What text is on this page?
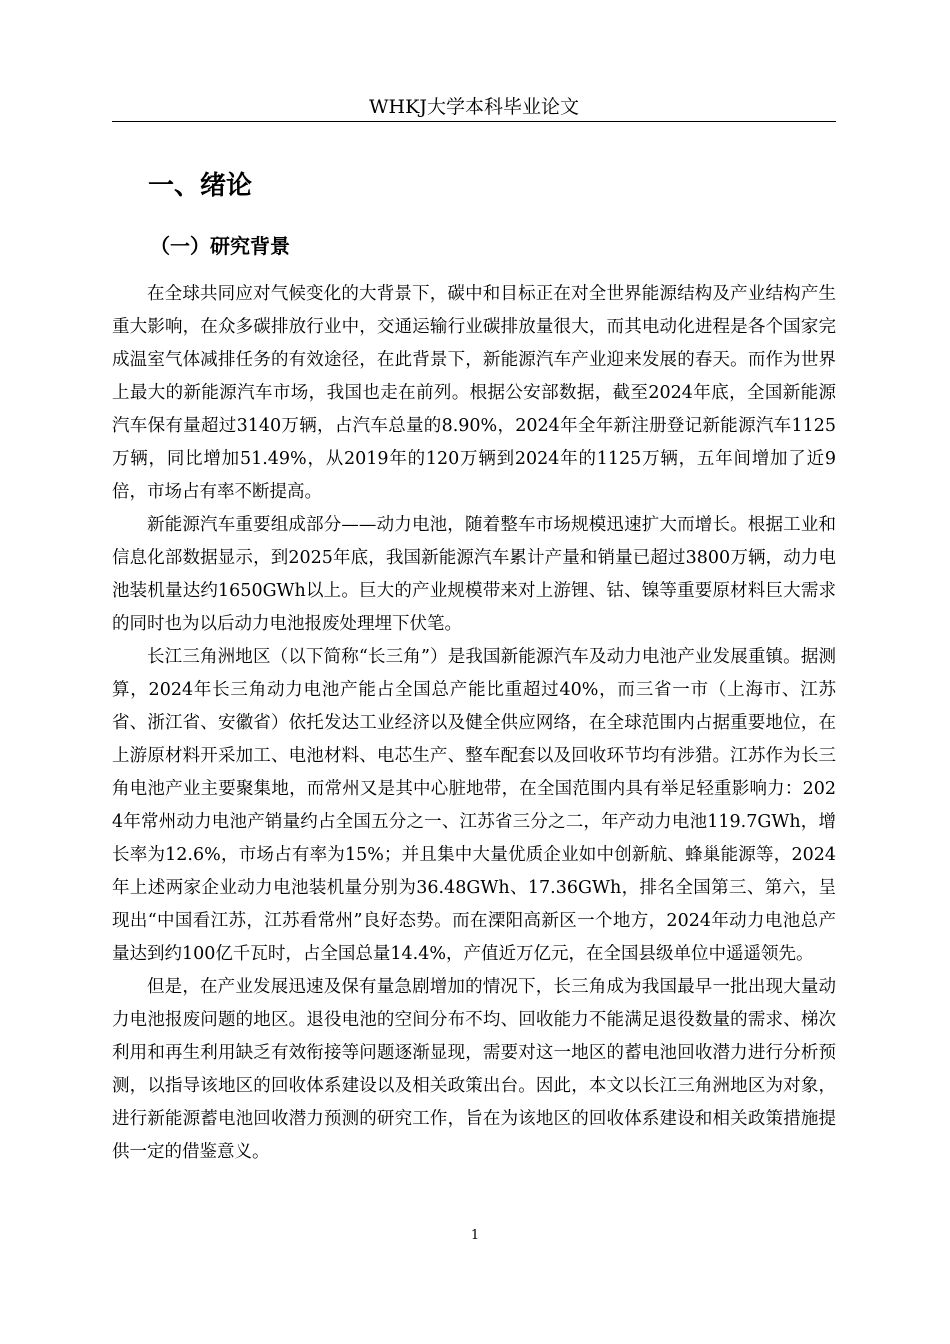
WHKJ大学本科毕业论文
一、绪论
（一）研究背景

在全球共同应对气候变化的大背景下，碳中和目标正在对全世界能源结构及产业结构产生重大影响，在众多碳排放行业中，交通运输行业碳排放量很大，而其电动化进程是各个国家完成温室气体减排任务的有效途径，在此背景下，新能源汽车产业迎来发展的春天。而作为世界上最大的新能源汽车市场，我国也走在前列。根据公安部数据，截至2024年底，全国新能源汽车保有量超过3140万辆，占汽车总量的8.90%，2024年全年新注册登记新能源汽车1125万辆，同比增加51.49%，从2019年的120万辆到2024年的1125万辆，五年间增加了近9倍，市场占有率不断提高。

新能源汽车重要组成部分——动力电池，随着整车市场规模迅速扩大而增长。根据工业和信息化部数据显示，到2025年底，我国新能源汽车累计产量和销量已超过3800万辆，动力电池装机量达约1650GWh以上。巨大的产业规模带来对上游锂、钴、镍等重要原材料巨大需求的同时也为以后动力电池报废处理埋下伏笔。

长江三角洲地区（以下简称“长三角”）是我国新能源汽车及动力电池产业发展重镇。据测算，2024年长三角动力电池产能占全国总产能比重超过40%，而三省一市（上海市、江苏省、浙江省、安徽省）依托发达工业经济以及健全供应网络，在全球范围内占据重要地位，在上游原材料开采加工、电池材料、电芯生产、整车配套以及回收环节均有涉猎。江苏作为长三角电池产业主要聚集地，而常州又是其中心脏地带，在全国范围内具有举足轻重影响力：2024年常州动力电池产销量约占全国五分之一、江苏省三分之二，年产动力电池119.7GWh，增长率为12.6%，市场占有率为15%；并且集中大量优质企业如中创新航、蜂巢能源等，2024年上述两家企业动力电池装机量分别为36.48GWh、17.36GWh，排名全国第三、第六，呈现出“中国看江苏，江苏看常州”良好态势。而在溧阳高新区一个地方，2024年动力电池总产量达到约100亿千瓦时，占全国总量14.4%，产值近万亿元，在全国县级单位中遥遥领先。

但是，在产业发展迅速及保有量急剧增加的情况下，长三角成为我国最早一批出现大量动力电池报废问题的地区。退役电池的空间分布不均、回收能力不能满足退役数量的需求、梯次利用和再生利用缺乏有效衔接等问题逐渐显现，需要对这一地区的蓄电池回收潜力进行分析预测，以指导该地区的回收体系建设以及相关政策出台。因此，本文以长江三角洲地区为对象，进行新能源蓄电池回收潜力预测的研究工作，旨在为该地区的回收体系建设和相关政策措施提供一定的借鉴意义。

1
